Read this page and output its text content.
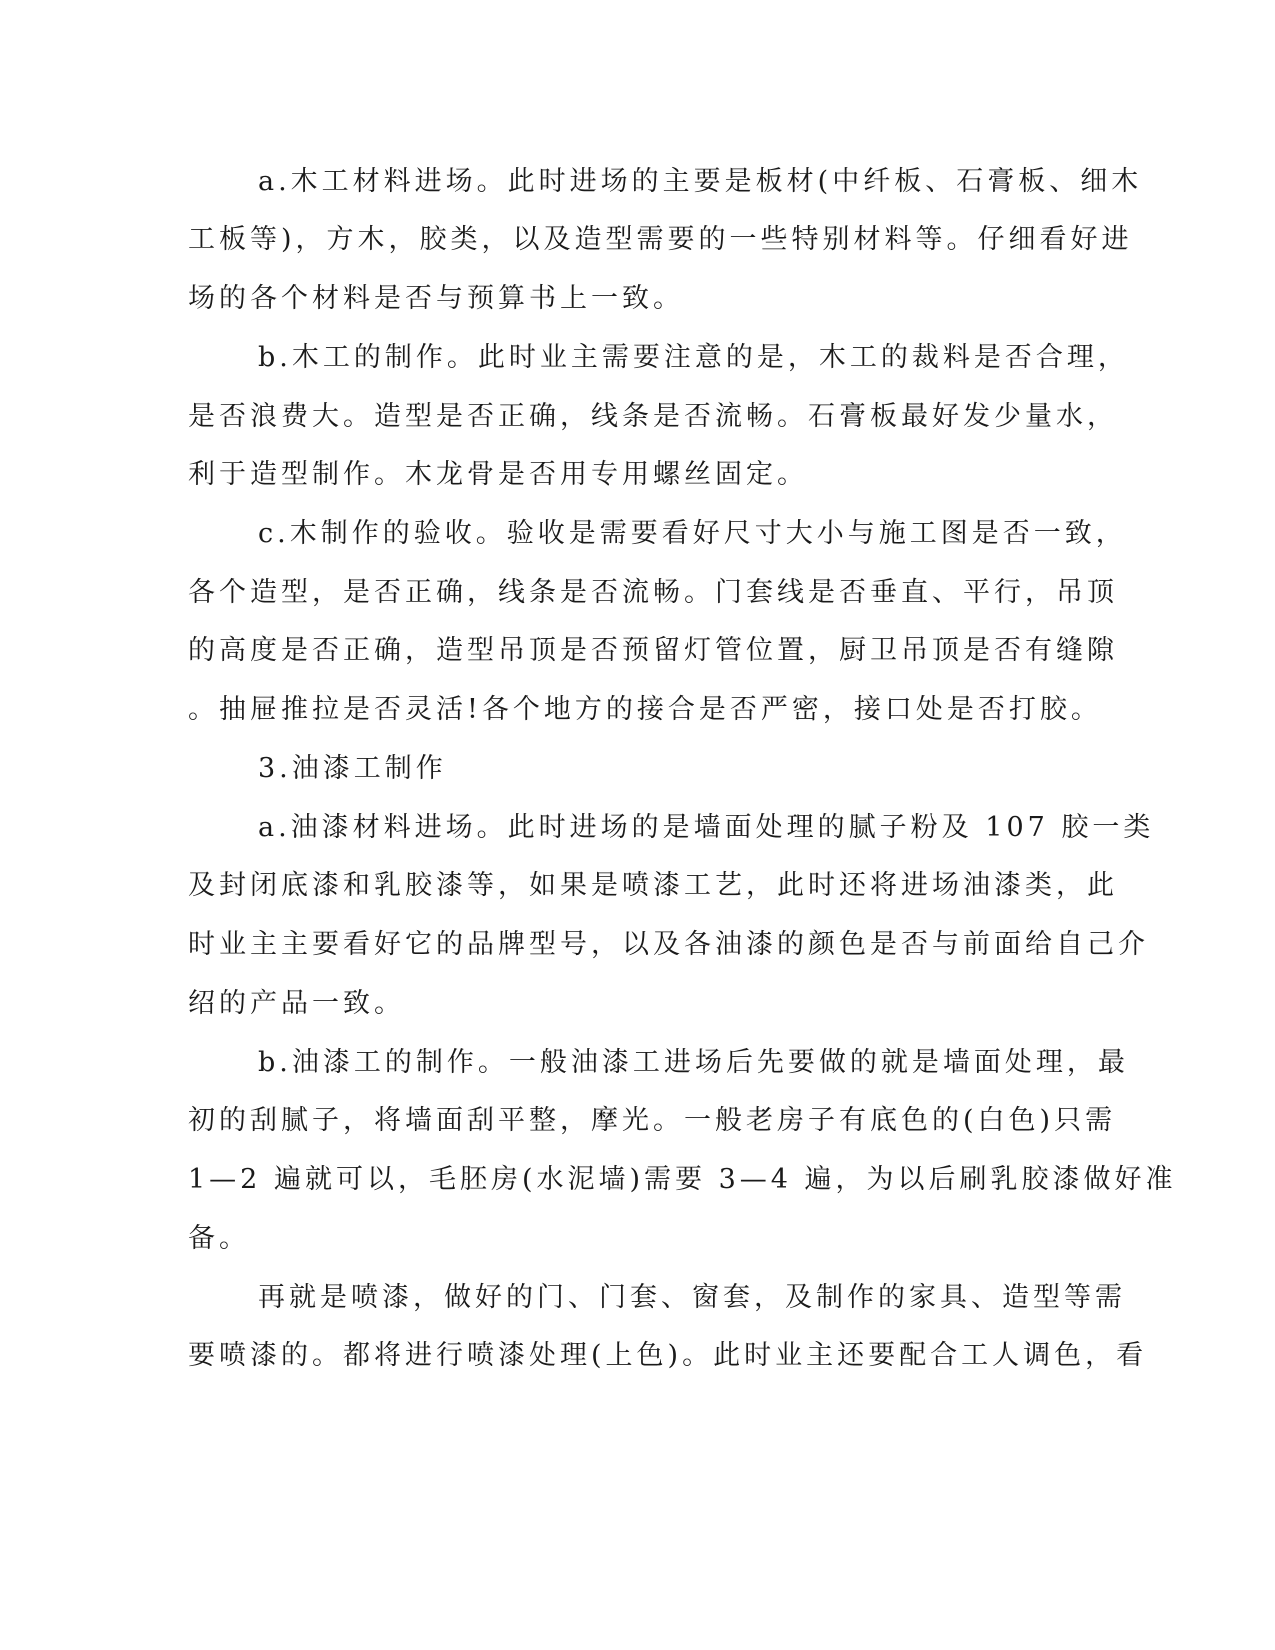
a.木工材料进场。此时进场的主要是板材(中纤板、石膏板、细木

工板等)，方木，胶类，以及造型需要的一些特别材料等。仔细看好进

场的各个材料是否与预算书上一致。

b.木工的制作。此时业主需要注意的是，木工的裁料是否合理，

是否浪费大。造型是否正确，线条是否流畅。石膏板最好发少量水，

利于造型制作。木龙骨是否用专用螺丝固定。

c.木制作的验收。验收是需要看好尺寸大小与施工图是否一致，

各个造型，是否正确，线条是否流畅。门套线是否垂直、平行，吊顶

的高度是否正确，造型吊顶是否预留灯管位置，厨卫吊顶是否有缝隙

。抽屉推拉是否灵活!各个地方的接合是否严密，接口处是否打胶。

3.油漆工制作

a.油漆材料进场。此时进场的是墙面处理的腻子粉及 107 胶一类

及封闭底漆和乳胶漆等，如果是喷漆工艺，此时还将进场油漆类，此

时业主主要看好它的品牌型号，以及各油漆的颜色是否与前面给自己介

绍的产品一致。

b.油漆工的制作。一般油漆工进场后先要做的就是墙面处理，最

初的刮腻子，将墙面刮平整，摩光。一般老房子有底色的(白色)只需

1—2 遍就可以，毛胚房(水泥墙)需要 3—4 遍，为以后刷乳胶漆做好准

备。

再就是喷漆，做好的门、门套、窗套，及制作的家具、造型等需

要喷漆的。都将进行喷漆处理(上色)。此时业主还要配合工人调色，看
